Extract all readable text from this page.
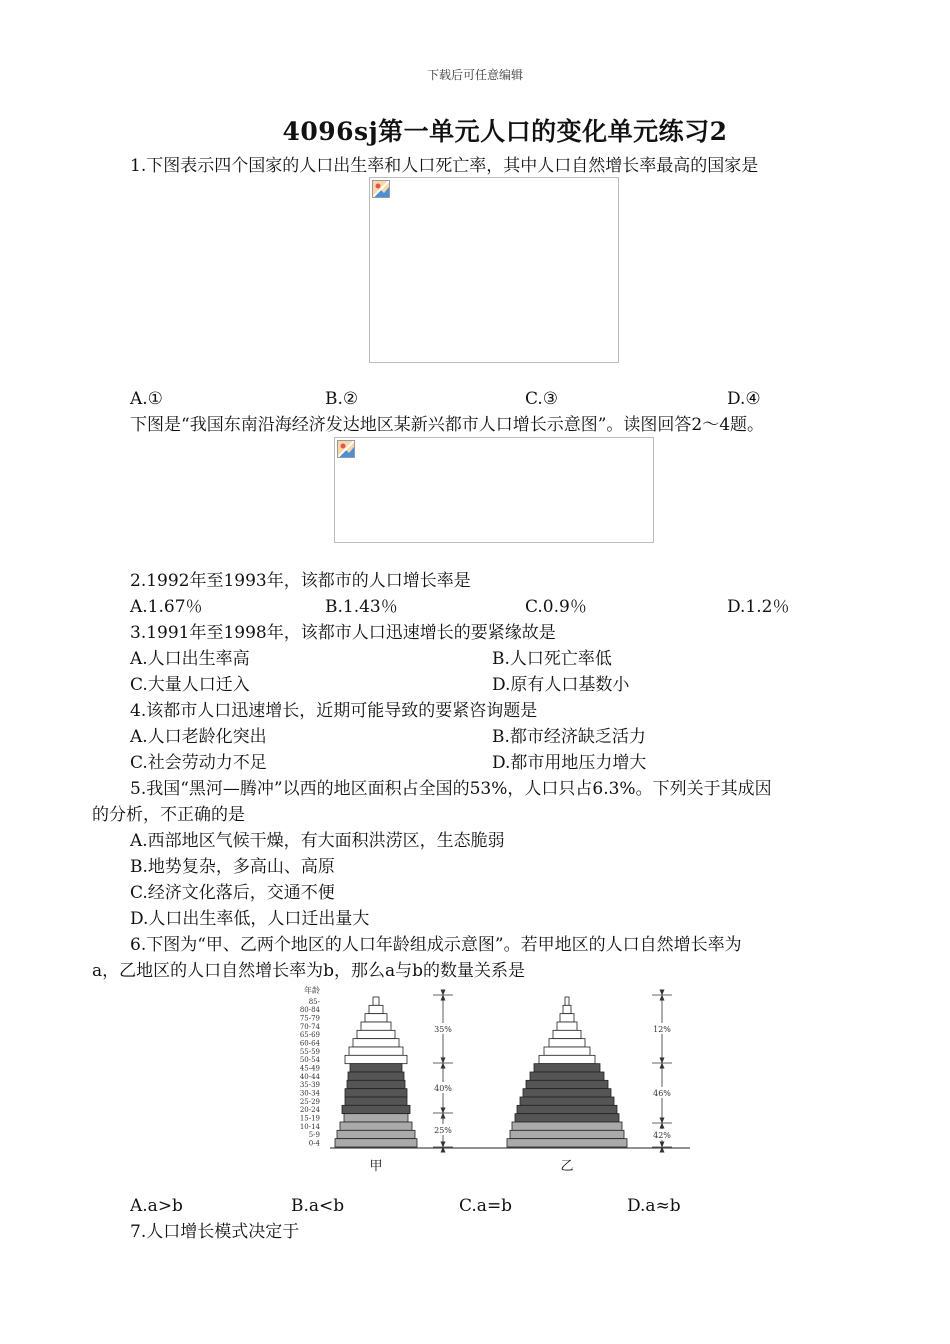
下载后可任意编辑
4096sj第一单元人口的变化单元练习2
1.下图表示四个国家的人口出生率和人口死亡率，其中人口自然增长率最高的国家是
A.①	B.②	C.③	D.④
下图是“我国东南沿海经济发达地区某新兴都市人口增长示意图”。读图回答2～4题。
2.1992年至1993年，该都市的人口增长率是
A.1.67％	B.1.43％	C.0.9％	D.1.2％
3.1991年至1998年，该都市人口迅速增长的要紧缘故是
A.人口出生率高	B.人口死亡率低
C.大量人口迁入	D.原有人口基数小
4.该都市人口迅速增长，近期可能导致的要紧咨询题是
A.人口老龄化突出	B.都市经济缺乏活力
C.社会劳动力不足	D.都市用地压力增大
5.我国“黑河—腾冲”以西的地区面积占全国的53%，人口只占6.3%。下列关于其成因
的分析，不正确的是
A.西部地区气候干燥，有大面积洪涝区，生态脆弱
B.地势复杂，多高山、高原
C.经济文化落后，交通不便
D.人口出生率低，人口迁出量大
6.下图为“甲、乙两个地区的人口年龄组成示意图”。若甲地区的人口自然增长率为
a，乙地区的人口自然增长率为b，那么a与b的数量关系是
年龄
85-
80-84
75-79
70-74
65-69
60-64
55-59
50-54
45-49
40-44
35-39
30-34
25-29
20-24
15-19
10-14
5-9
0-4
35%
40%
25%
12%
46%
42%
甲	乙
A.a>b	B.a<b	C.a=b	D.a≈b
7.人口增长模式决定于
